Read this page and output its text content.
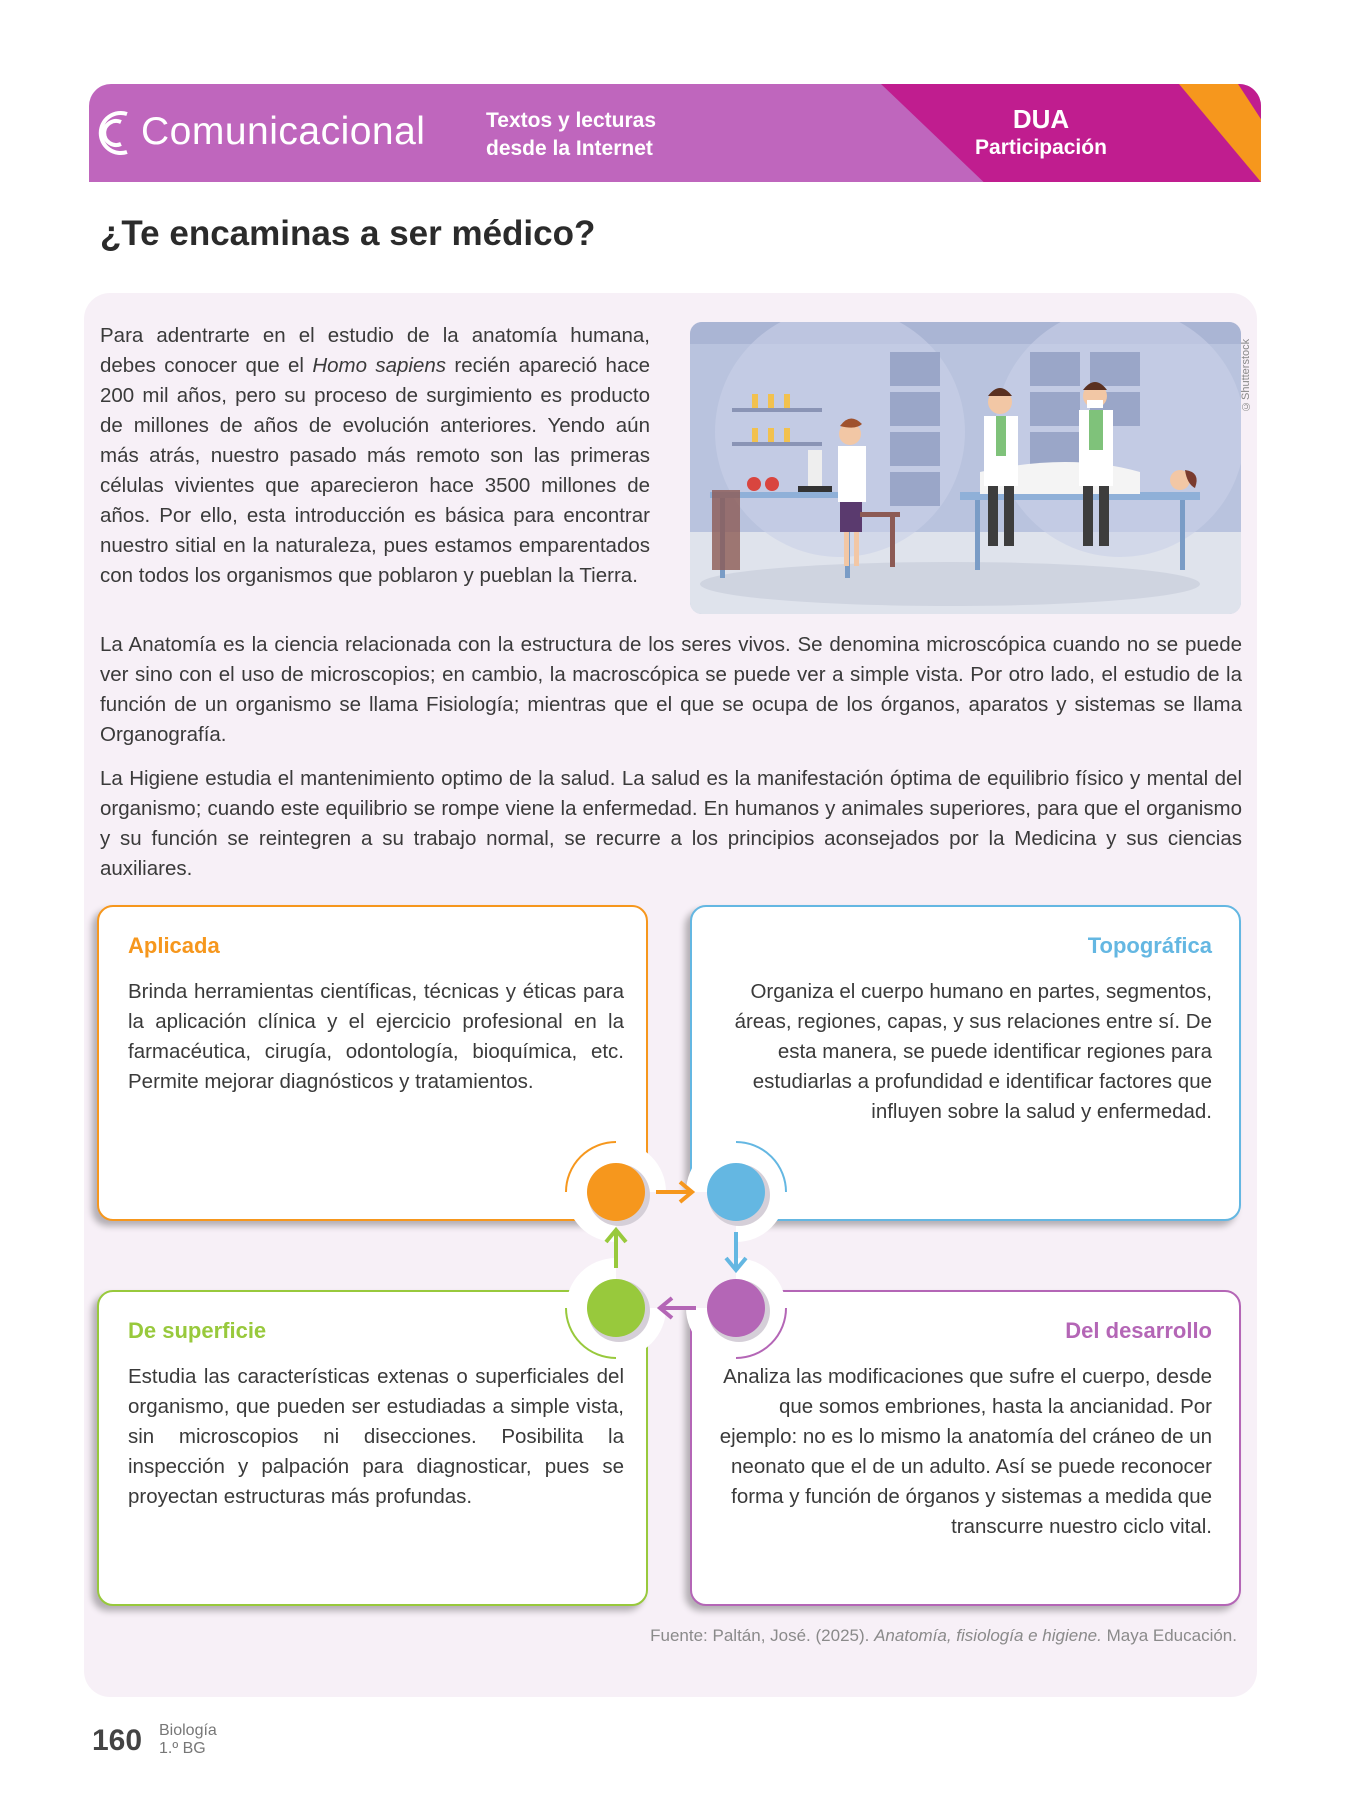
Comunicacional	Textos y lecturas
desde la Internet
DUA
Participación
¿Te encaminas a ser médico?
Para adentrarte en el estudio de la anatomía humana, debes conocer que el Homo sapiens recién apareció hace 200 mil años, pero su proceso de surgimiento es producto de millones de años de evolución anteriores. Yendo aún más atrás, nuestro pasado más remoto son las primeras células vivientes que aparecieron hace 3500 millones de años. Por ello, esta introducción es básica para encontrar nuestro sitial en la naturaleza, pues estamos emparentados con todos los organismos que poblaron y pueblan la Tierra.
©Shutterstock
La Anatomía es la ciencia relacionada con la estructura de los seres vivos. Se denomina microscópica cuando no se puede ver sino con el uso de microscopios; en cambio, la macroscópica se puede ver a simple vista. Por otro lado, el estudio de la función de un organismo se llama Fisiología; mientras que el que se ocupa de los órganos, aparatos y sistemas se llama Organografía.
La Higiene estudia el mantenimiento optimo de la salud. La salud es la manifestación óptima de equilibrio físico y mental del organismo; cuando este equilibrio se rompe viene la enfermedad. En humanos y animales superiores, para que el organismo y su función se reintegren a su trabajo normal, se recurre a los principios aconsejados por la Medicina y sus ciencias auxiliares.
Aplicada
Brinda herramientas científicas, técnicas y éticas para la aplicación clínica y el ejercicio profesional en la farmacéutica, cirugía, odontología, bioquímica, etc. Permite mejorar diagnósticos y tratamientos.
Topográfica
Organiza el cuerpo humano en partes, segmentos, áreas, regiones, capas, y sus relaciones entre sí. De esta manera, se puede identificar regiones para estudiarlas a profundidad e identificar factores que influyen sobre la salud y enfermedad.
De superficie
Estudia las características extenas o superficiales del organismo, que pueden ser estudiadas a simple vista, sin microscopios ni disecciones. Posibilita la inspección y palpación para diagnosticar, pues se proyectan estructuras más profundas.
Del desarrollo
Analiza las modificaciones que sufre el cuerpo, desde que somos embriones, hasta la ancianidad. Por ejemplo: no es lo mismo la anatomía del cráneo de un neonato que el de un adulto. Así se puede reconocer forma y función de órganos y sistemas a medida que transcurre nuestro ciclo vital.
Fuente: Paltán, José. (2025). Anatomía, fisiología e higiene. Maya Educación.
160 Biología
1.º BG
